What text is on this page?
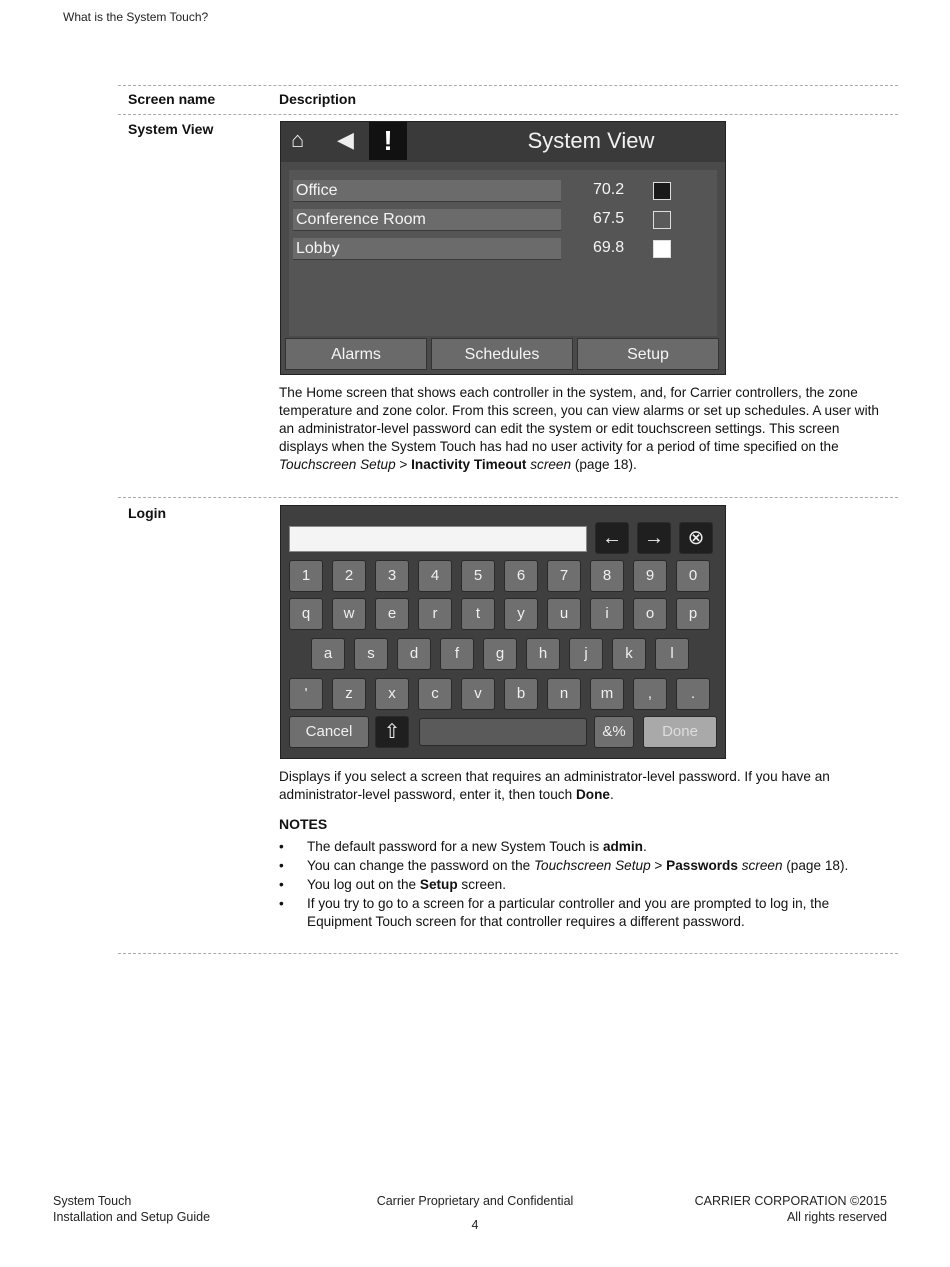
What is the System Touch?
Screen name	Description
System View	⌂ ◀	!	System View
Office	70.2
Conference Room	67.5
Lobby	69.8
Alarms	Schedules	Setup
The Home screen that shows each controller in the system, and, for Carrier controllers, the zone temperature and zone color. From this screen, you can view alarms or set up schedules. A user with an administrator-level password can edit the system or edit touchscreen settings. This screen displays when the System Touch has had no user activity for a period of time specified on the Touchscreen Setup > Inactivity Timeout screen (page 18).
Login
←	→	⊗
1	2	3	4	5	6	7	8	9	0
q	w	e	r	t	y	u	i	o	p
a	s	d	f	g	h	j	k	l
'	z	x	c	v	b	n	m	,	.
Cancel	⇧	&%	Done
Displays if you select a screen that requires an administrator-level password. If you have an administrator-level password, enter it, then touch Done.
NOTES
• The default password for a new System Touch is admin.
• You can change the password on the Touchscreen Setup > Passwords screen (page 18).
• You log out on the Setup screen.
• If you try to go to a screen for a particular controller and you are prompted to log in, the Equipment Touch screen for that controller requires a different password.
System Touch
Installation and Setup Guide
Carrier Proprietary and Confidential
4
CARRIER CORPORATION ©2015
All rights reserved
